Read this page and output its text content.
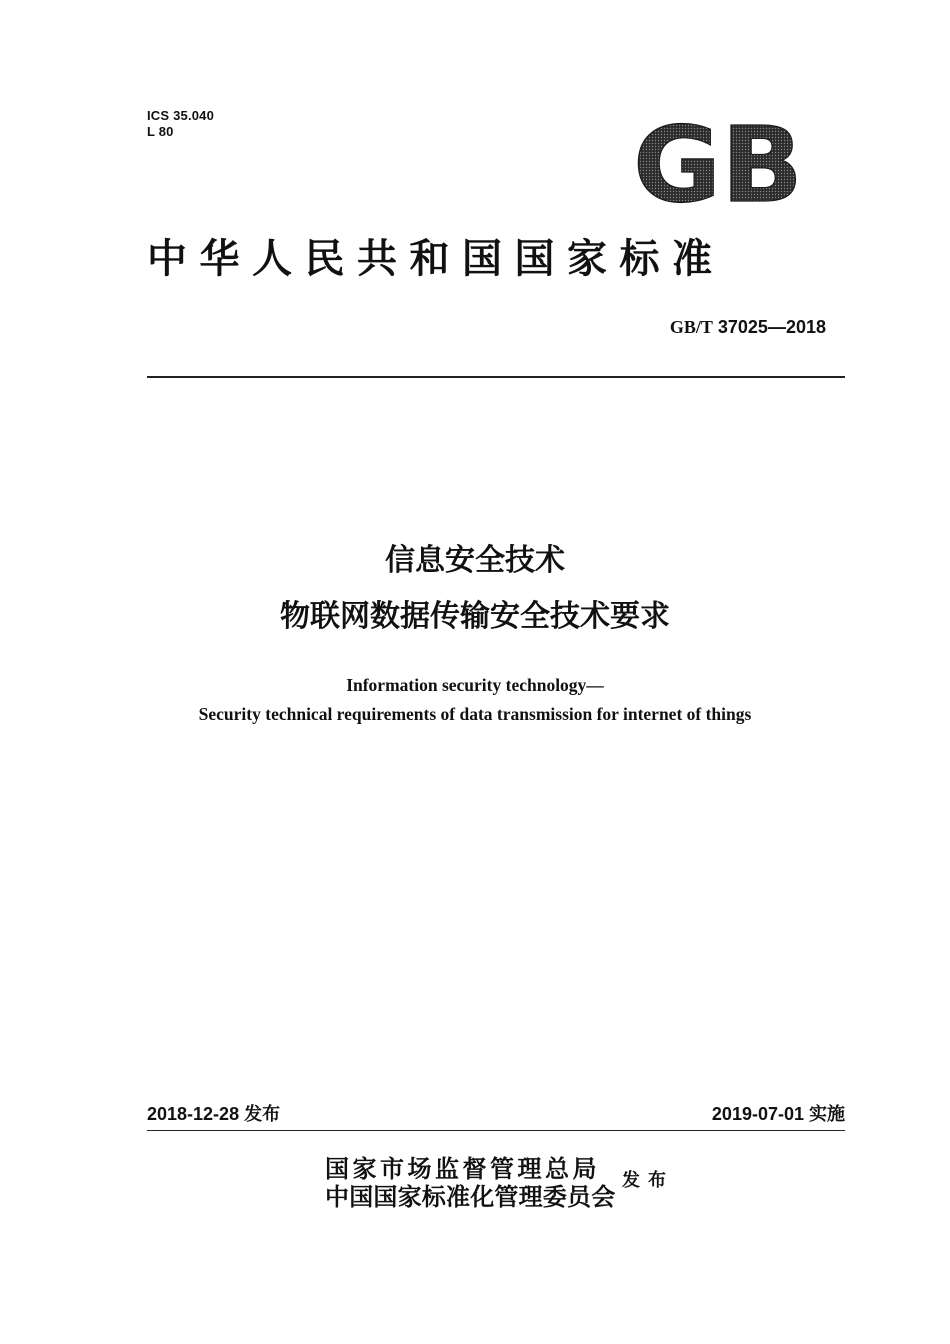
ICS 35.040
L 80	GB
中华人民共和国国家标准
GB/T 37025—2018
信息安全技术
物联网数据传输安全技术要求
Information security technology—
Security technical requirements of data transmission for internet of things
2018-12-28 发布	2019-07-01 实施
国家市场监督管理总局
中国国家标准化管理委员会
发布
